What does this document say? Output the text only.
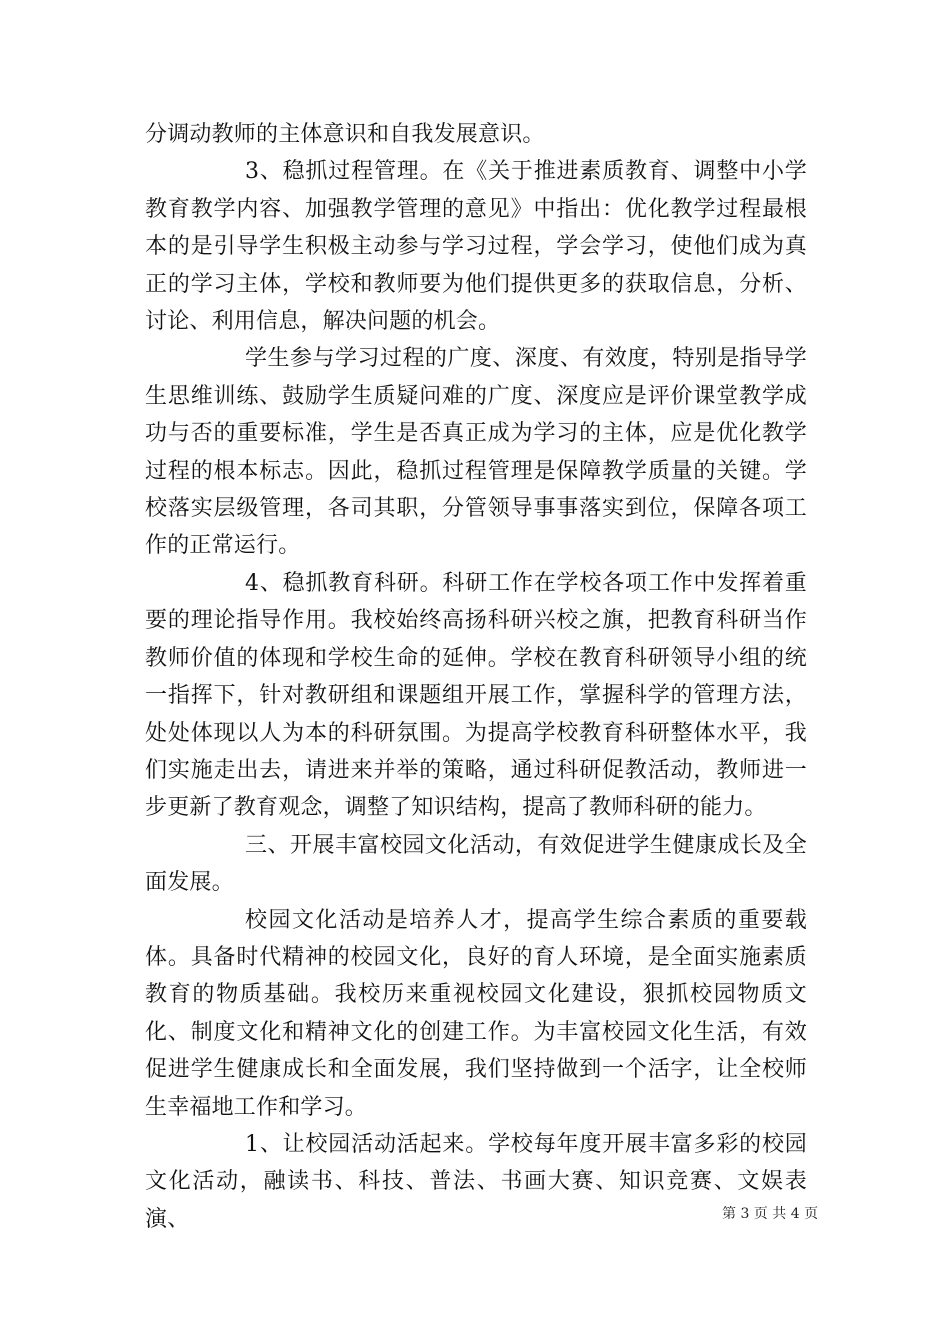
分调动教师的主体意识和自我发展意识。

3、稳抓过程管理。在《关于推进素质教育、调整中小学教育教学内容、加强教学管理的意见》中指出：优化教学过程最根本的是引导学生积极主动参与学习过程，学会学习，使他们成为真正的学习主体，学校和教师要为他们提供更多的获取信息，分析、讨论、利用信息，解决问题的机会。

学生参与学习过程的广度、深度、有效度，特别是指导学生思维训练、鼓励学生质疑问难的广度、深度应是评价课堂教学成功与否的重要标准，学生是否真正成为学习的主体，应是优化教学过程的根本标志。因此，稳抓过程管理是保障教学质量的关键。学校落实层级管理，各司其职，分管领导事事落实到位，保障各项工作的正常运行。

4、稳抓教育科研。科研工作在学校各项工作中发挥着重要的理论指导作用。我校始终高扬科研兴校之旗，把教育科研当作教师价值的体现和学校生命的延伸。学校在教育科研领导小组的统一指挥下，针对教研组和课题组开展工作，掌握科学的管理方法，处处体现以人为本的科研氛围。为提高学校教育科研整体水平，我们实施走出去，请进来并举的策略，通过科研促教活动，教师进一步更新了教育观念，调整了知识结构，提高了教师科研的能力。

三、开展丰富校园文化活动，有效促进学生健康成长及全面发展。

校园文化活动是培养人才，提高学生综合素质的重要载体。具备时代精神的校园文化，良好的育人环境，是全面实施素质教育的物质基础。我校历来重视校园文化建设，狠抓校园物质文化、制度文化和精神文化的创建工作。为丰富校园文化生活，有效促进学生健康成长和全面发展，我们坚持做到一个活字，让全校师生幸福地工作和学习。

1、让校园活动活起来。学校每年度开展丰富多彩的校园文化活动，融读书、科技、普法、书画大赛、知识竞赛、文娱表演、	第 3 页 共 4 页
